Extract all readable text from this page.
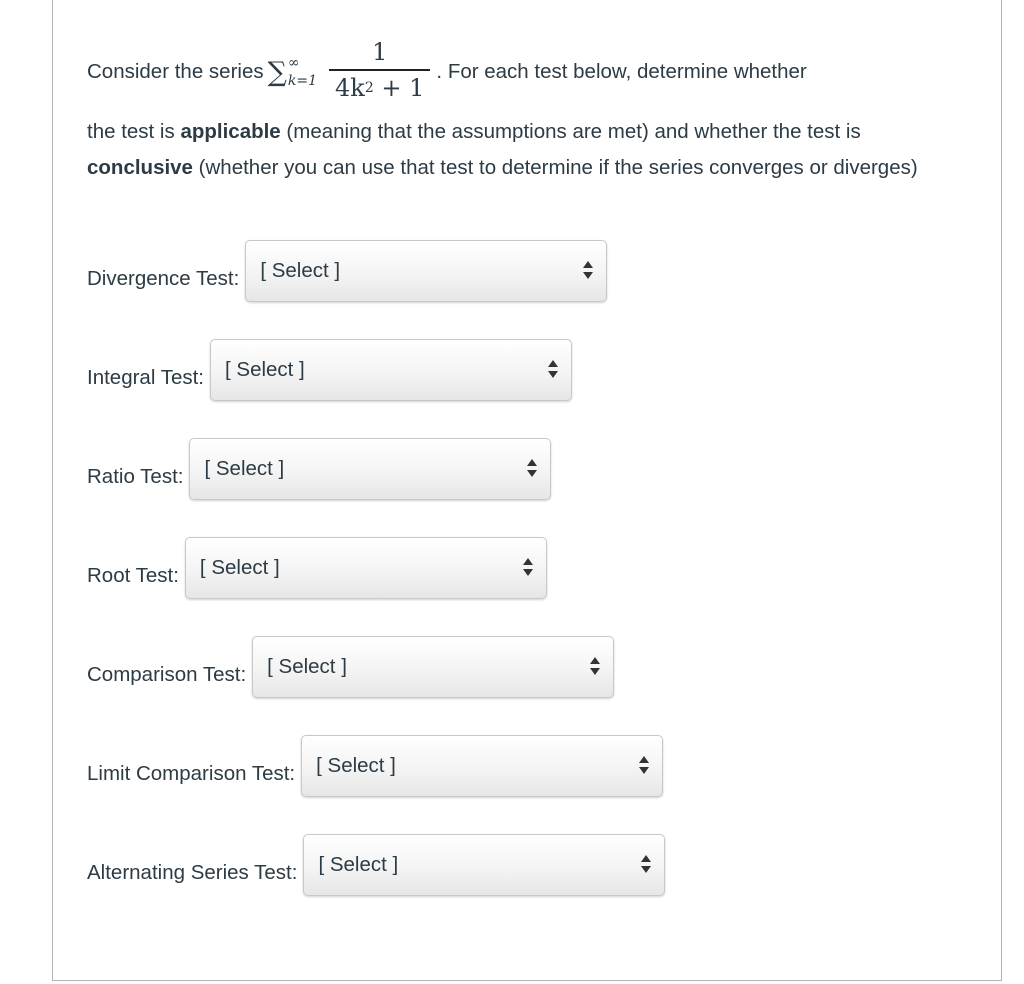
Consider the series ∑ ∞
$k=1 \frac{1}{4k^2 + 1}$ . For each test below, determine whether
the test is applicable (meaning that the assumptions are met) and whether the test is conclusive (whether you can use that test to determine if the series converges or diverges)
Divergence Test: [ Select ]
Integral Test: [ Select ]
Ratio Test: [ Select ]
Root Test: [ Select ]
Comparison Test: [ Select ]
Limit Comparison Test: [ Select ]
Alternating Series Test: [ Select ]
